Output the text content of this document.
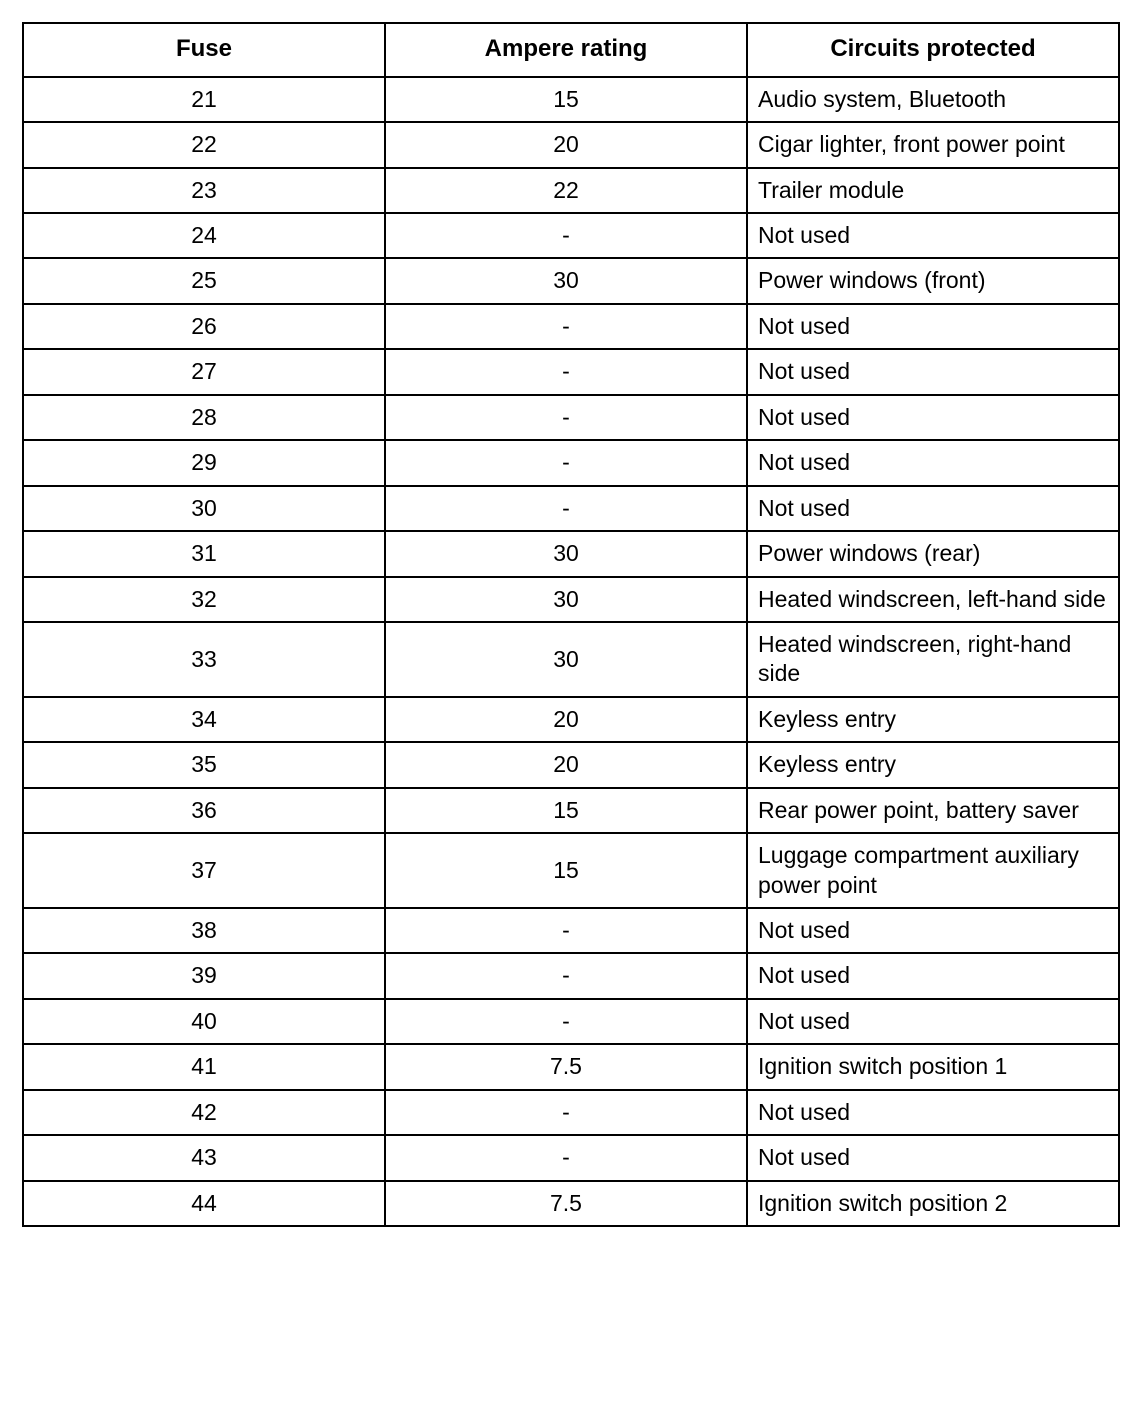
Fuse	Ampere rating	Circuits protected
21	15	Audio system, Bluetooth
22	20	Cigar lighter, front power point
23	22	Trailer module
24	-	Not used
25	30	Power windows (front)
26	-	Not used
27	-	Not used
28	-	Not used
29	-	Not used
30	-	Not used
31	30	Power windows (rear)
32	30	Heated windscreen, left-hand side
33	30	Heated windscreen, right-hand side
34	20	Keyless entry
35	20	Keyless entry
36	15	Rear power point, battery saver
37	15	Luggage compartment auxiliary power point
38	-	Not used
39	-	Not used
40	-	Not used
41	7.5	Ignition switch position 1
42	-	Not used
43	-	Not used
44	7.5	Ignition switch position 2
